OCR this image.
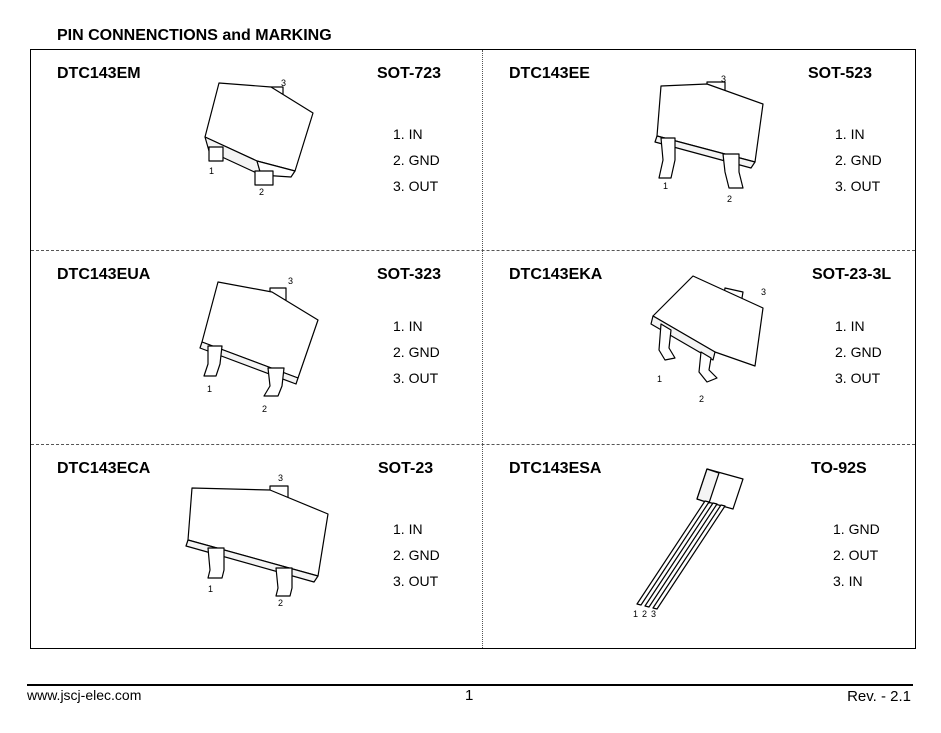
PIN CONNENCTIONS and MARKING
DTC143EM	SOT-723
1. IN
2. GND
3. OUT
3
1
2
DTC143EE	SOT-523
1. IN
2. GND
3. OUT
3
1
2
DTC143EUA	SOT-323
1. IN
2. GND
3. OUT
3
1
2
DTC143EKA	SOT-23-3L
1. IN
2. GND
3. OUT
3
1
2
DTC143ECA	SOT-23
1. IN
2. GND
3. OUT
3
1
2
DTC143ESA	TO-92S
1. GND
2. OUT
3. IN
1 2 3
www.jscj-elec.com	1	Rev. - 2.1
